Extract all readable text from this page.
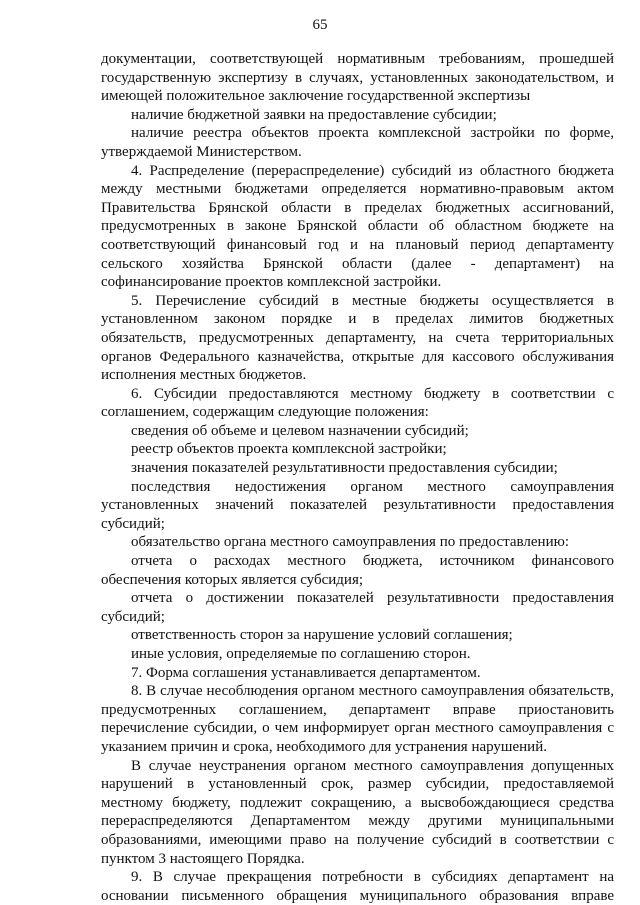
65

документации, соответствующей нормативным требованиям, прошедшей государственную экспертизу в случаях, установленных законодательством, и имеющей положительное заключение государственной экспертизы

наличие бюджетной заявки на предоставление субсидии;

наличие реестра объектов проекта комплексной застройки по форме, утверждаемой Министерством.

4. Распределение (перераспределение) субсидий из областного бюджета между местными бюджетами определяется нормативно-правовым актом Правительства Брянской области в пределах бюджетных ассигнований, предусмотренных в законе Брянской области об областном бюджете на соответствующий финансовый год и на плановый период департаменту сельского хозяйства Брянской области (далее - департамент) на софинансирование проектов комплексной застройки.

5. Перечисление субсидий в местные бюджеты осуществляется в установленном законом порядке и в пределах лимитов бюджетных обязательств, предусмотренных департаменту, на счета территориальных органов Федерального казначейства, открытые для кассового обслуживания исполнения местных бюджетов.

6. Субсидии предоставляются местному бюджету в соответствии с соглашением, содержащим следующие положения:

сведения об объеме и целевом назначении субсидий;

реестр объектов проекта комплексной застройки;

значения показателей результативности предоставления субсидии;

последствия недостижения органом местного самоуправления установленных значений показателей результативности предоставления субсидий;

обязательство органа местного самоуправления по предоставлению:

отчета о расходах местного бюджета, источником финансового обеспечения которых является субсидия;

отчета о достижении показателей результативности предоставления субсидий;

ответственность сторон за нарушение условий соглашения;

иные условия, определяемые по соглашению сторон.

7. Форма соглашения устанавливается департаментом.

8. В случае несоблюдения органом местного самоуправления обязательств, предусмотренных соглашением, департамент вправе приостановить перечисление субсидии, о чем информирует орган местного самоуправления с указанием причин и срока, необходимого для устранения нарушений.

В случае неустранения органом местного самоуправления допущенных нарушений в установленный срок, размер субсидии, предоставляемой местному бюджету, подлежит сокращению, а высвобождающиеся средства перераспределяются Департаментом между другими муниципальными образованиями, имеющими право на получение субсидий в соответствии с пунктом 3 настоящего Порядка.

9. В случае прекращения потребности в субсидиях департамент на основании письменного обращения муниципального образования вправе
